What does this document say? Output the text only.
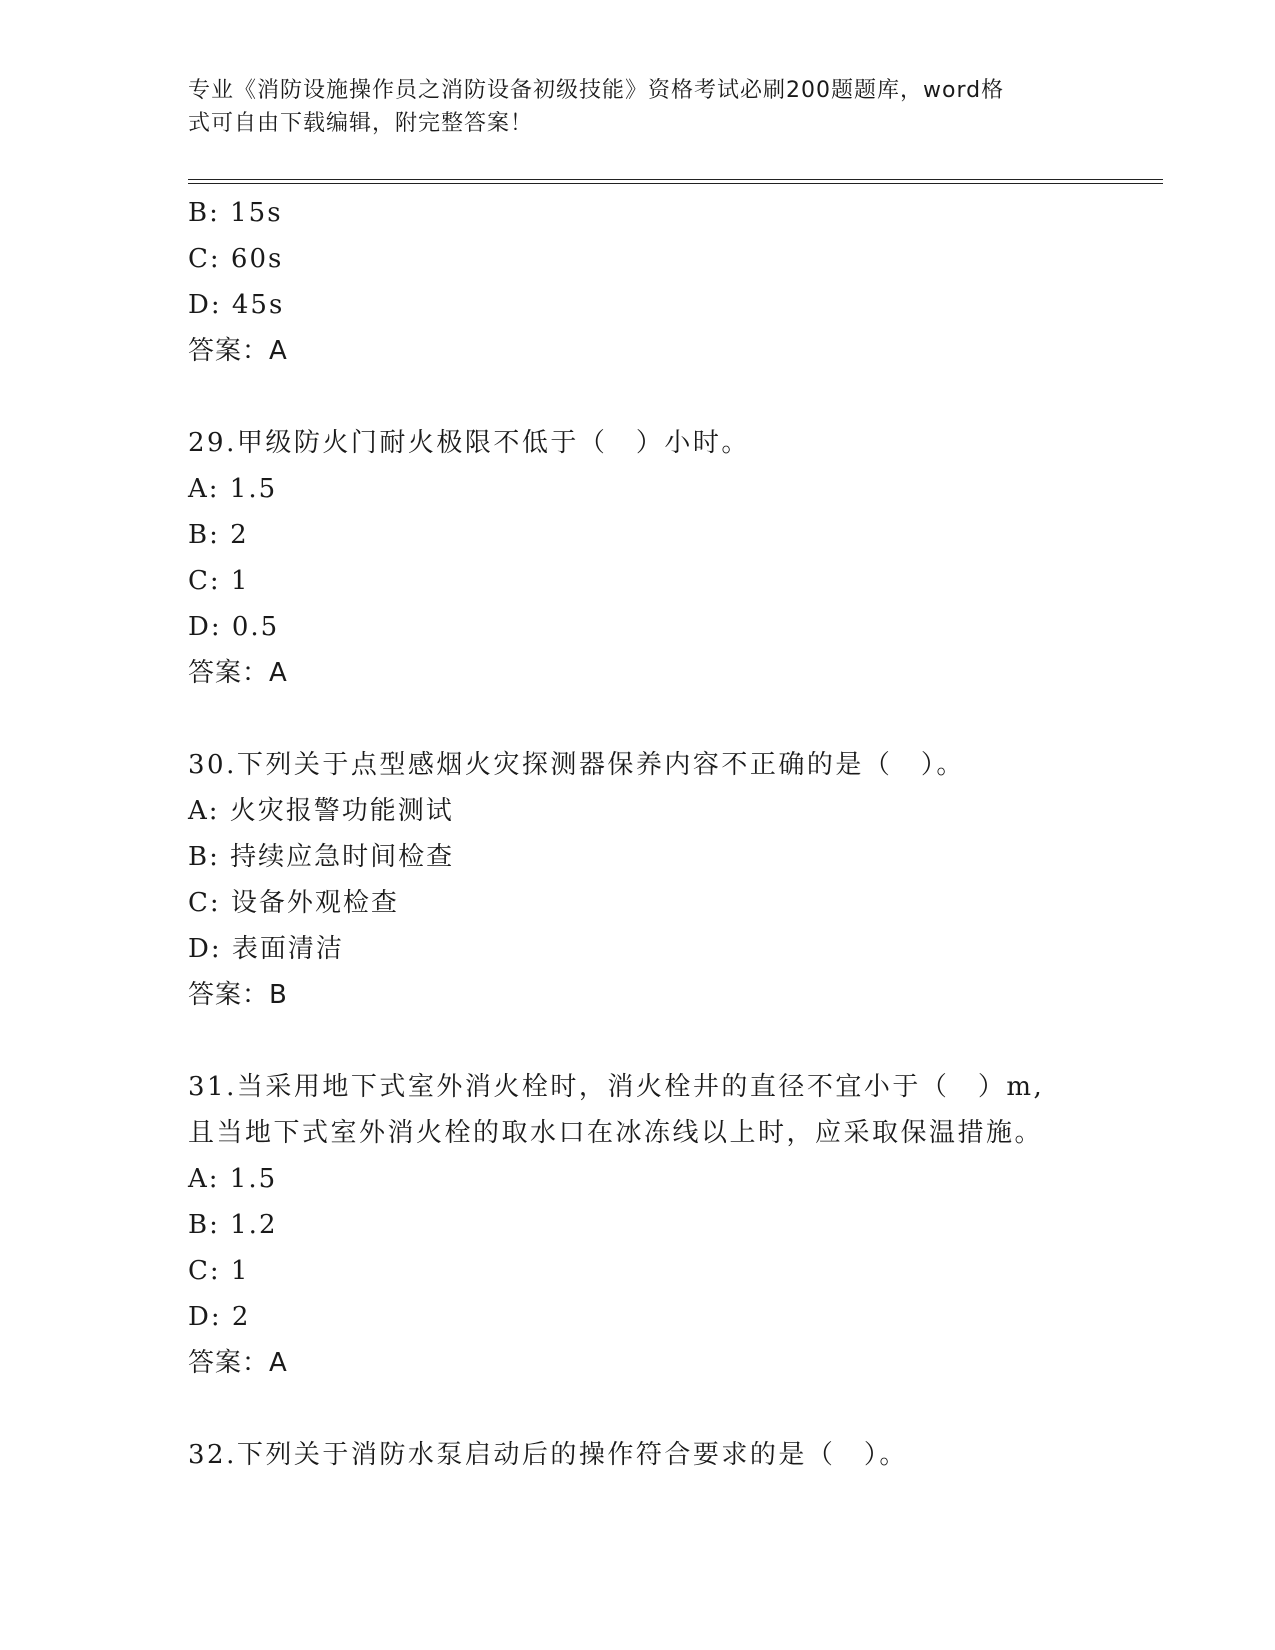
专业《消防设施操作员之消防设备初级技能》资格考试必刷200题题库，word格
式可自由下载编辑，附完整答案！
B: 15s
C: 60s
D: 45s
答案：A
29.甲级防火门耐火极限不低于（　）小时。
A: 1.5
B: 2
C: 1
D: 0.5
答案：A
30.下列关于点型感烟火灾探测器保养内容不正确的是（　）。
A: 火灾报警功能测试
B: 持续应急时间检查
C: 设备外观检查
D: 表面清洁
答案：B
31.当采用地下式室外消火栓时，消火栓井的直径不宜小于（　）m,
且当地下式室外消火栓的取水口在冰冻线以上时，应采取保温措施。
A: 1.5
B: 1.2
C: 1
D: 2
答案：A
32.下列关于消防水泵启动后的操作符合要求的是（　）。
